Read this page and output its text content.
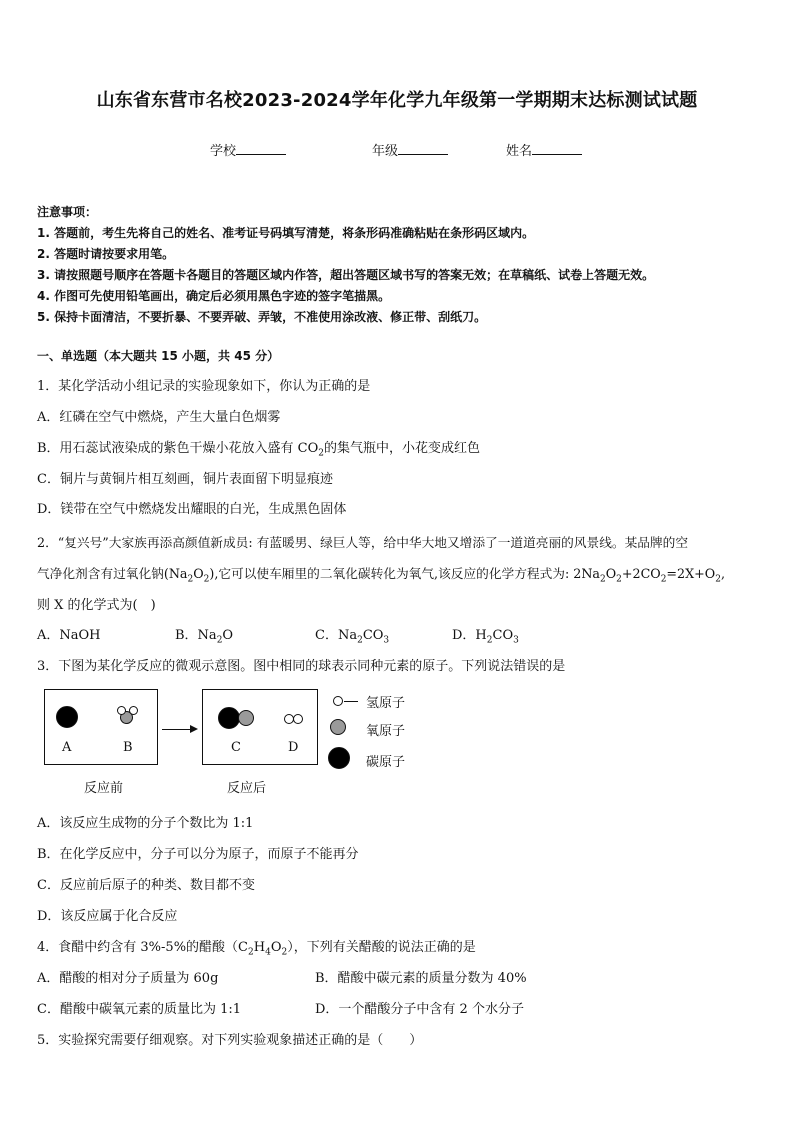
山东省东营市名校2023-2024学年化学九年级第一学期期末达标测试试题
学校	年级	姓名
注意事项：
1. 答题前，考生先将自己的姓名、准考证号码填写清楚，将条形码准确粘贴在条形码区域内。
2. 答题时请按要求用笔。
3. 请按照题号顺序在答题卡各题目的答题区域内作答，超出答题区域书写的答案无效；在草稿纸、试卷上答题无效。
4. 作图可先使用铅笔画出，确定后必须用黑色字迹的签字笔描黑。
5. 保持卡面清洁，不要折暴、不要弄破、弄皱，不准使用涂改液、修正带、刮纸刀。
一、单选题（本大题共 15 小题，共 45 分）
1．某化学活动小组记录的实验现象如下，你认为正确的是
A．红磷在空气中燃烧，产生大量白色烟雾
B．用石蕊试液染成的紫色干燥小花放入盛有 $CO_2$的集气瓶中，小花变成红色
C．铜片与黄铜片相互刻画，铜片表面留下明显痕迹
D．镁带在空气中燃烧发出耀眼的白光，生成黑色固体
2．“复兴号”大家族再添高颜值新成员: 有蓝暖男、绿巨人等，给中华大地又增添了一道道亮丽的风景线。某品牌的空
气净化剂含有过氧化钠$(Na_2O_2)$,它可以使车厢里的二氧化碳转化为氧气,该反应的化学方程式为: $2Na_2O_2+2CO_2=2X+O_2$,
则 X 的化学式为(　)
A．NaOH	B．$Na_2O$	C．$Na_2CO_3$	D．$H_2CO_3$
3．下图为某化学反应的微观示意图。图中相同的球表示同种元素的原子。下列说法错误的是
A	B	C	D
反应前	反应后
氢原子
氧原子
碳原子
A．该反应生成物的分子个数比为 1:1
B．在化学反应中，分子可以分为原子，而原子不能再分
C．反应前后原子的种类、数目都不变
D．该反应属于化合反应
4．食醋中约含有 3%-5%的醋酸$(C_2H_4O_2)$，下列有关醋酸的说法正确的是
A．醋酸的相对分子质量为 60g	B．醋酸中碳元素的质量分数为 40%
C．醋酸中碳氧元素的质量比为 1:1	D．一个醋酸分子中含有 2 个水分子
5．实验探究需要仔细观察。对下列实验观象描述正确的是（　　）
